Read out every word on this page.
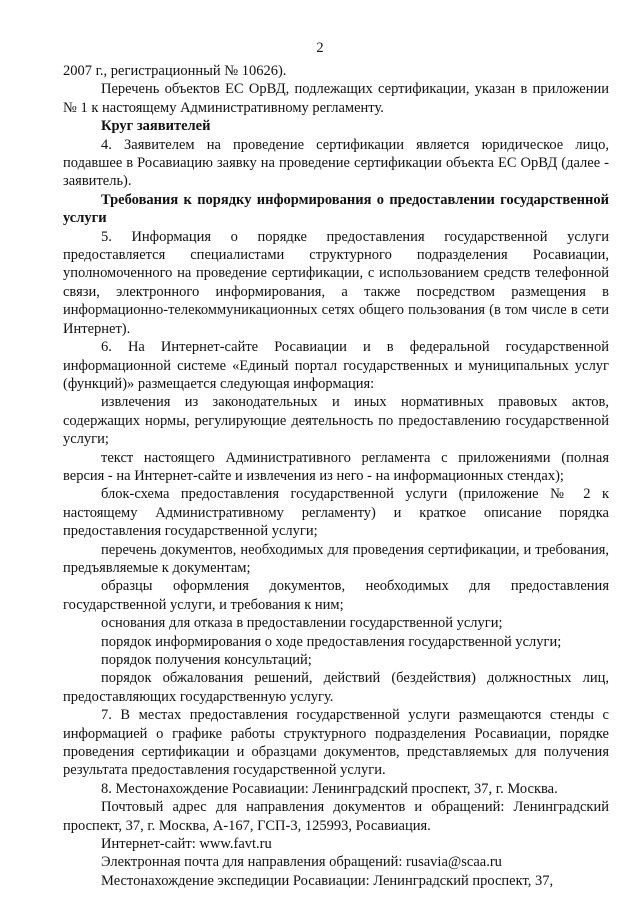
2

2007 г., регистрационный № 10626).

Перечень объектов ЕС ОрВД, подлежащих сертификации, указан в приложении № 1 к настоящему Административному регламенту.

Круг заявителей

4. Заявителем на проведение сертификации является юридическое лицо, подавшее в Росавиацию заявку на проведение сертификации объекта ЕС ОрВД (далее - заявитель).

Требования к порядку информирования о предоставлении государственной услуги

5. Информация о порядке предоставления государственной услуги предоставляется специалистами структурного подразделения Росавиации, уполномоченного на проведение сертификации, с использованием средств телефонной связи, электронного информирования, а также посредством размещения в информационно-телекоммуникационных сетях общего пользования (в том числе в сети Интернет).

6. На Интернет-сайте Росавиации и в федеральной государственной информационной системе «Единый портал государственных и муниципальных услуг (функций)» размещается следующая информация:

извлечения из законодательных и иных нормативных правовых актов, содержащих нормы, регулирующие деятельность по предоставлению государственной услуги;

текст настоящего Административного регламента с приложениями (полная версия - на Интернет-сайте и извлечения из него - на информационных стендах);

блок-схема предоставления государственной услуги (приложение № 2 к настоящему Административному регламенту) и краткое описание порядка предоставления государственной услуги;

перечень документов, необходимых для проведения сертификации, и требования, предъявляемые к документам;

образцы оформления документов, необходимых для предоставления государственной услуги, и требования к ним;

основания для отказа в предоставлении государственной услуги;

порядок информирования о ходе предоставления государственной услуги;

порядок получения консультаций;

порядок обжалования решений, действий (бездействия) должностных лиц, предоставляющих государственную услугу.

7. В местах предоставления государственной услуги размещаются стенды с информацией о графике работы структурного подразделения Росавиации, порядке проведения сертификации и образцами документов, представляемых для получения результата предоставления государственной услуги.

8. Местонахождение Росавиации: Ленинградский проспект, 37, г. Москва.

Почтовый адрес для направления документов и обращений: Ленинградский проспект, 37, г. Москва, А-167, ГСП-3, 125993, Росавиация.

Интернет-сайт: www.favt.ru

Электронная почта для направления обращений: rusavia@scaa.ru

Местонахождение экспедиции Росавиации: Ленинградский проспект, 37,
